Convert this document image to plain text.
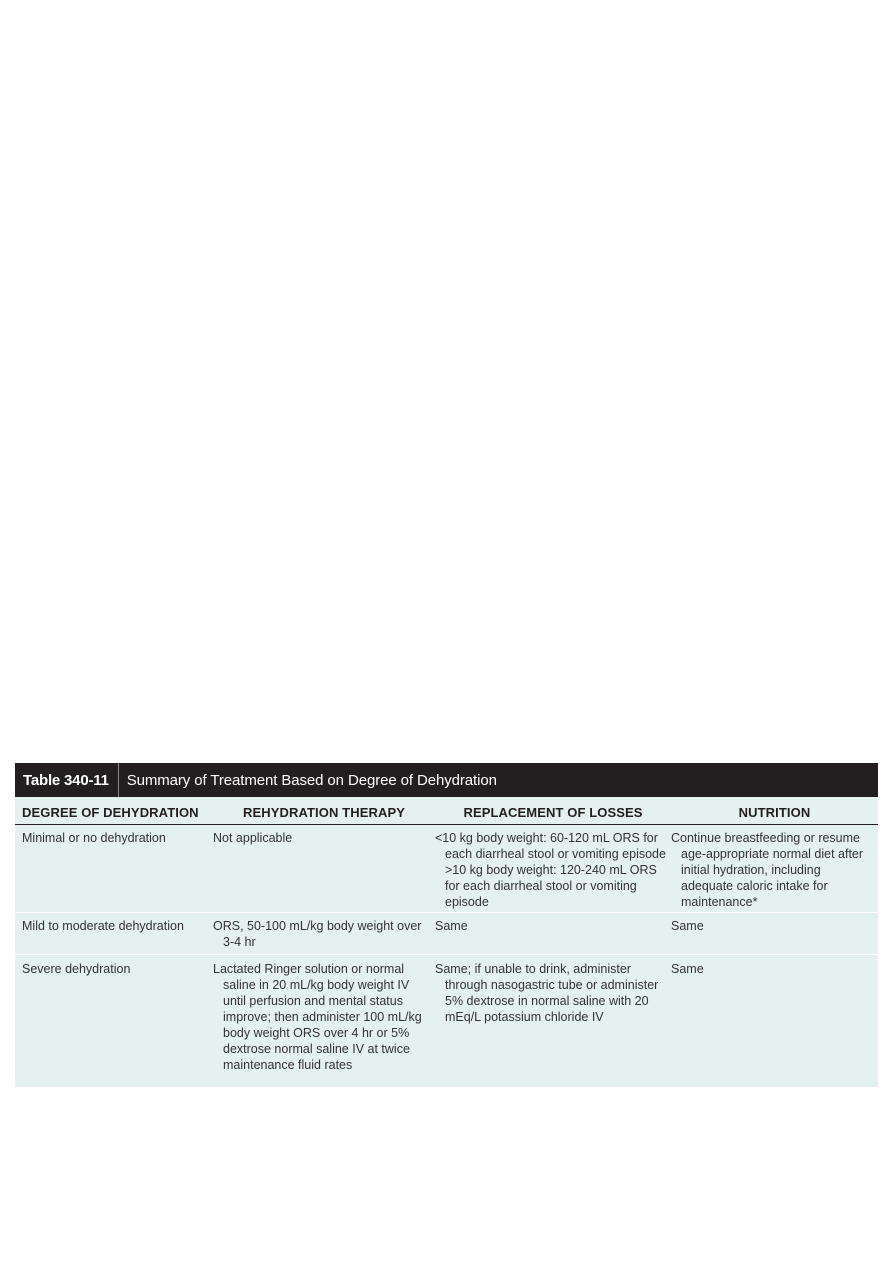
Table 340-11	Summary of Treatment Based on Degree of Dehydration
DEGREE OF DEHYDRATION	REHYDRATION THERAPY	REPLACEMENT OF LOSSES	NUTRITION
Minimal or no dehydration	Not applicable	<10 kg body weight: 60-120 mL ORS for each diarrheal stool or vomiting episode >10 kg body weight: 120-240 mL ORS for each diarrheal stool or vomiting episode	Continue breastfeeding or resume age-appropriate normal diet after initial hydration, including adequate caloric intake for maintenance*
Mild to moderate dehydration	ORS, 50-100 mL/kg body weight over 3-4 hr	Same	Same
Severe dehydration	Lactated Ringer solution or normal saline in 20 mL/kg body weight IV until perfusion and mental status improve; then administer 100 mL/kg body weight ORS over 4 hr or 5% dextrose normal saline IV at twice maintenance fluid rates	Same; if unable to drink, administer through nasogastric tube or administer 5% dextrose in normal saline with 20 mEq/L potassium chloride IV	Same
